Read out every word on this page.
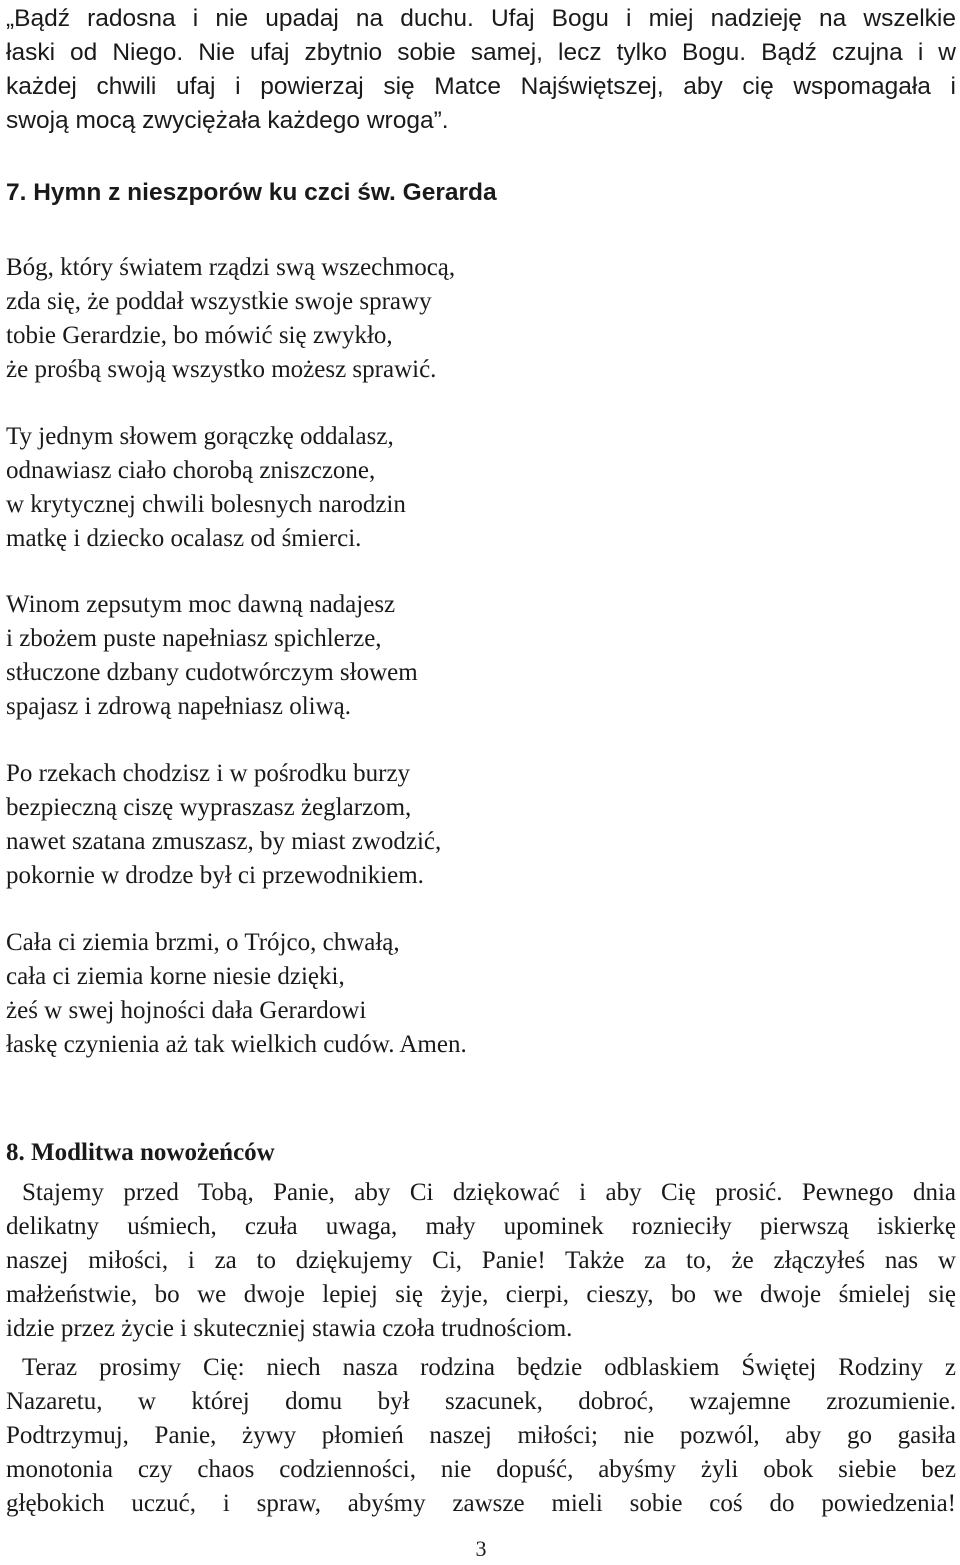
„Bądź radosna i nie upadaj na duchu. Ufaj Bogu i miej nadzieję na wszelkie
łaski od Niego. Nie ufaj zbytnio sobie samej, lecz tylko Bogu. Bądź czujna i w
każdej chwili ufaj i powierzaj się Matce Najświętszej, aby cię wspomagała i
swoją mocą zwyciężała każdego wroga”.
7. Hymn z nieszporów ku czci św. Gerarda
Bóg, który światem rządzi swą wszechmocą,
zda się, że poddał wszystkie swoje sprawy
tobie Gerardzie, bo mówić się zwykło,
że prośbą swoją wszystko możesz sprawić.
Ty jednym słowem gorączkę oddalasz,
odnawiasz ciało chorobą zniszczone,
w krytycznej chwili bolesnych narodzin
matkę i dziecko ocalasz od śmierci.
Winom zepsutym moc dawną nadajesz
i zbożem puste napełniasz spichlerze,
stłuczone dzbany cudotwórczym słowem
spajasz i zdrową napełniasz oliwą.
Po rzekach chodzisz i w pośrodku burzy
bezpieczną ciszę wypraszasz żeglarzom,
nawet szatana zmuszasz, by miast zwodzić,
pokornie w drodze był ci przewodnikiem.
Cała ci ziemia brzmi, o Trójco, chwałą,
cała ci ziemia korne niesie dzięki,
żeś w swej hojności dała Gerardowi
łaskę czynienia aż tak wielkich cudów. Amen.
8. Modlitwa nowożeńców
Stajemy przed Tobą, Panie, aby Ci dziękować i aby Cię prosić. Pewnego dnia
delikatny uśmiech, czuła uwaga, mały upominek roznieciły pierwszą iskierkę
naszej miłości, i za to dziękujemy Ci, Panie! Także za to, że złączyłeś nas w
małżeństwie, bo we dwoje lepiej się żyje, cierpi, cieszy, bo we dwoje śmielej się
idzie przez życie i skuteczniej stawia czoła trudnościom.
Teraz prosimy Cię: niech nasza rodzina będzie odblaskiem Świętej Rodziny z
Nazaretu, w której domu był szacunek, dobroć, wzajemne zrozumienie.
Podtrzymuj, Panie, żywy płomień naszej miłości; nie pozwól, aby go gasiła
monotonia czy chaos codzienności, nie dopuść, abyśmy żyli obok siebie bez
głębokich uczuć, i spraw, abyśmy zawsze mieli sobie coś do powiedzenia!
3
